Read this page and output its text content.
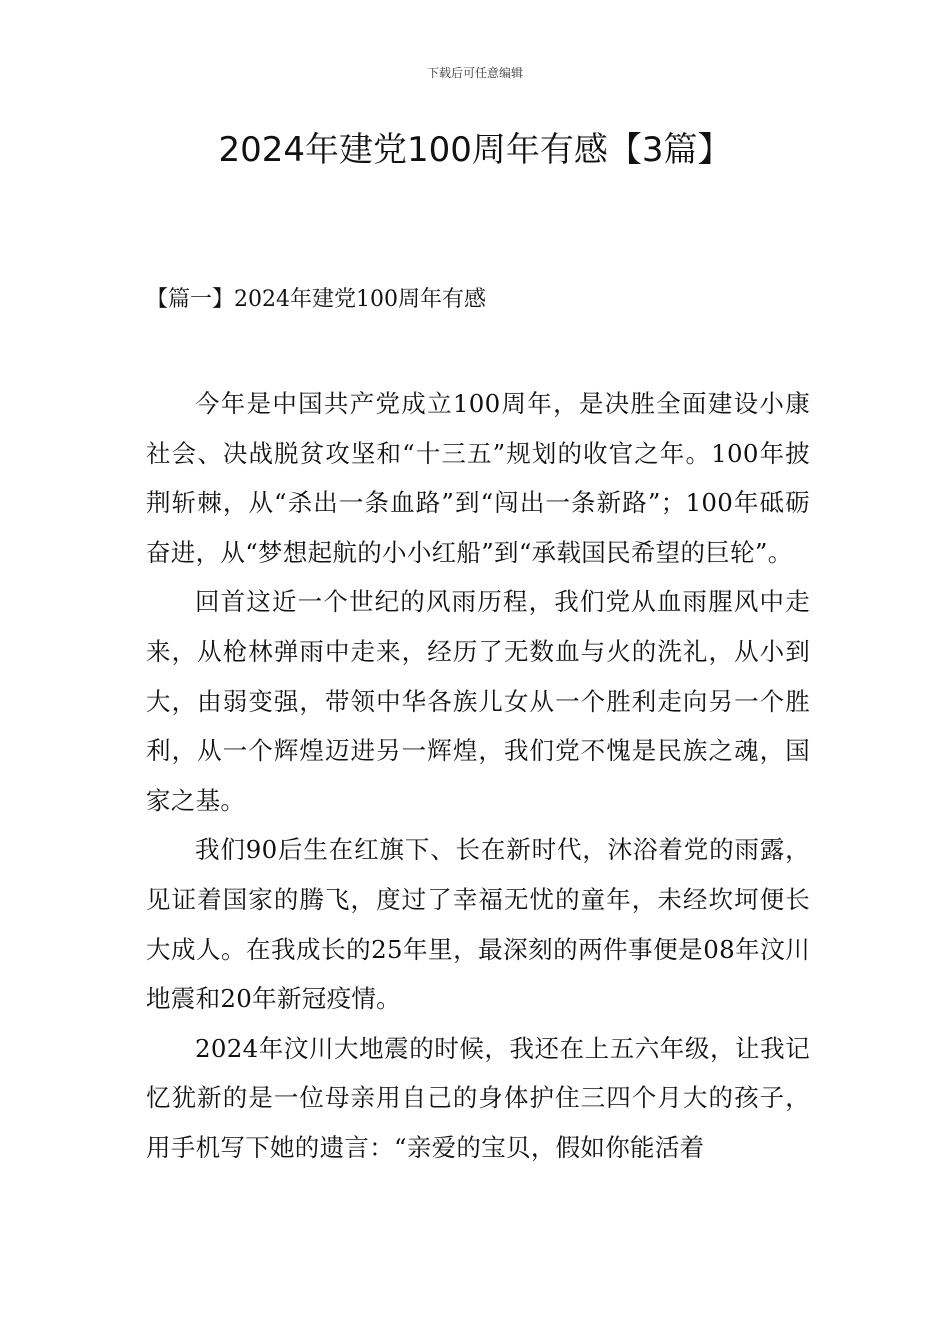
下载后可任意编辑
2024年建党100周年有感【3篇】
【篇一】2024年建党100周年有感

今年是中国共产党成立100周年，是决胜全面建设小康社会、决战脱贫攻坚和“十三五”规划的收官之年。100年披荆斩棘，从“杀出一条血路”到“闯出一条新路”；100年砥砺奋进，从“梦想起航的小小红船”到“承载国民希望的巨轮”。

回首这近一个世纪的风雨历程，我们党从血雨腥风中走来，从枪林弹雨中走来，经历了无数血与火的洗礼，从小到大，由弱变强，带领中华各族儿女从一个胜利走向另一个胜利，从一个辉煌迈进另一辉煌，我们党不愧是民族之魂，国家之基。

我们90后生在红旗下、长在新时代，沐浴着党的雨露，见证着国家的腾飞，度过了幸福无忧的童年，未经坎坷便长大成人。在我成长的25年里，最深刻的两件事便是08年汶川地震和20年新冠疫情。

2024年汶川大地震的时候，我还在上五六年级，让我记忆犹新的是一位母亲用自己的身体护住三四个月大的孩子，用手机写下她的遗言：“亲爱的宝贝，假如你能活着
